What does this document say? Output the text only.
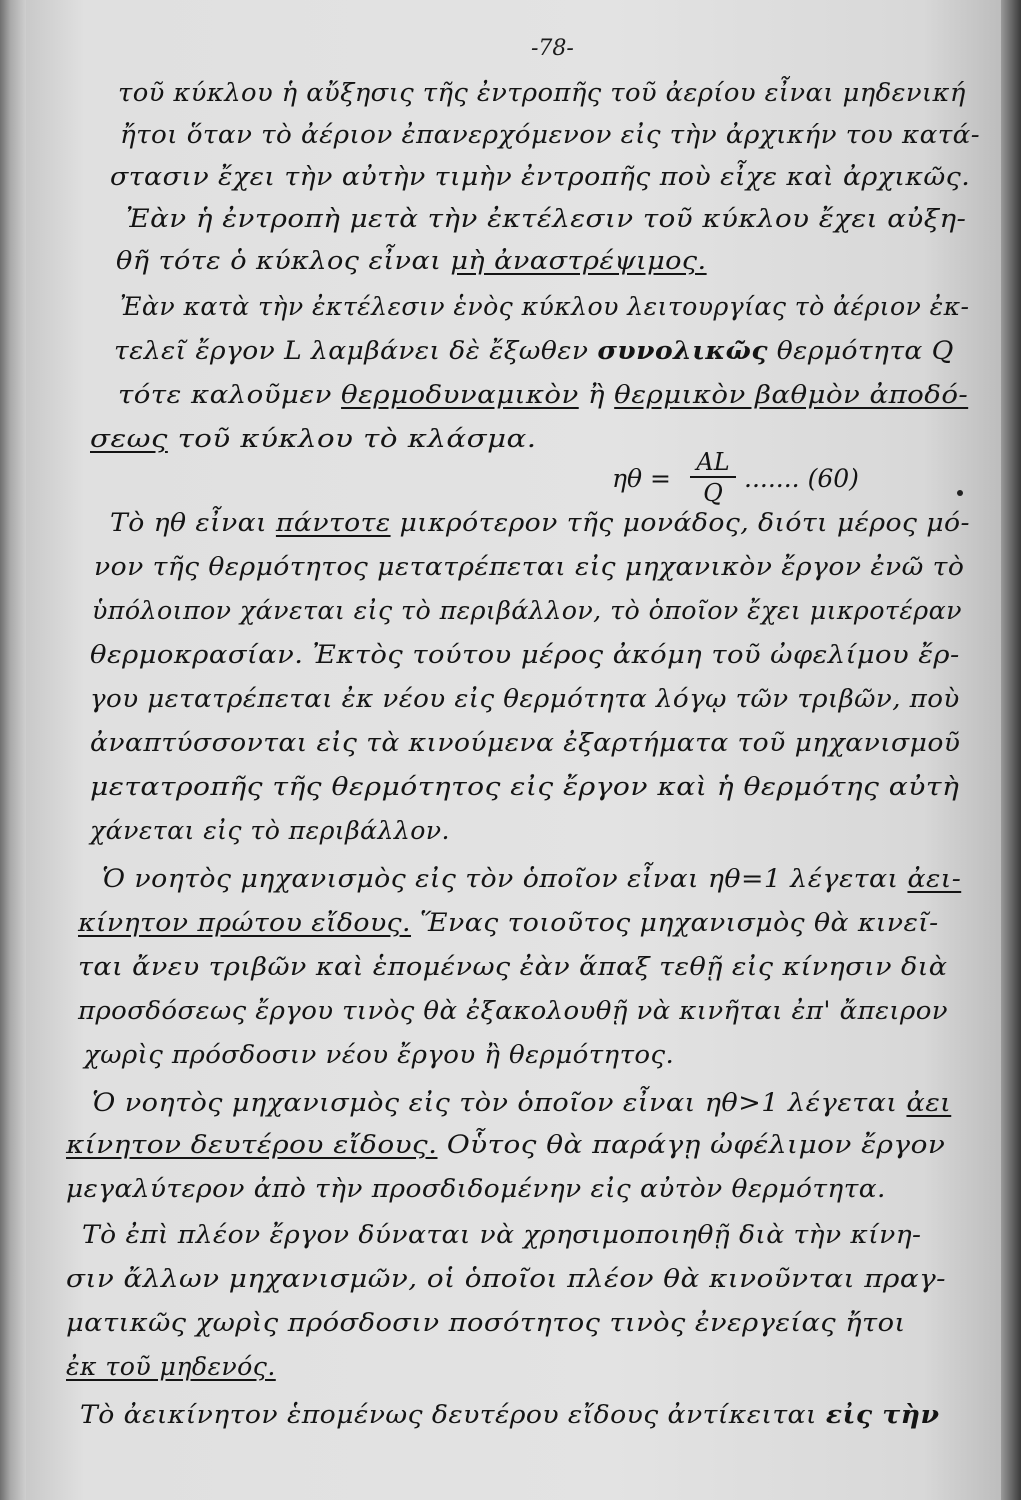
-78-
τοῦ κύκλου ἡ αὔξησις τῆς ἐντροπῆς τοῦ ἀερίου εἶναι μηδενική
ἤτοι ὅταν τὸ ἀέριον ἐπανερχόμενον εἰς τὴν ἀρχικήν του κατά-
στασιν ἔχει τὴν αὐτὴν τιμὴν ἐντροπῆς ποὺ εἶχε καὶ ἀρχικῶς.
Ἐὰν ἡ ἐντροπὴ μετὰ τὴν ἐκτέλεσιν τοῦ κύκλου ἔχει αὐξη-
θῆ τότε ὁ κύκλος εἶναι μὴ ἀναστρέψιμος.
Ἐὰν κατὰ τὴν ἐκτέλεσιν ἑνὸς κύκλου λειτουργίας τὸ ἀέριον ἐκ-
τελεῖ ἔργον L λαμβάνει δὲ ἔξωθεν συνολικῶς θερμότητα Q
τότε καλοῦμεν θερμοδυναμικὸν ἢ θερμικὸν βαθμὸν ἀποδό-
σεως τοῦ κύκλου τὸ κλάσμα.
Τὸ ηθ εἶναι πάντοτε μικρότερον τῆς μονάδος, διότι μέρος μό-
νον τῆς θερμότητος μετατρέπεται εἰς μηχανικὸν ἔργον ἐνῶ τὸ
ὑπόλοιπον χάνεται εἰς τὸ περιβάλλον, τὸ ὁποῖον ἔχει μικροτέραν
θερμοκρασίαν. Ἐκτὸς τούτου μέρος ἀκόμη τοῦ ὠφελίμου ἔρ-
γου μετατρέπεται ἐκ νέου εἰς θερμότητα λόγῳ τῶν τριβῶν, ποὺ
ἀναπτύσσονται εἰς τὰ κινούμενα ἐξαρτήματα τοῦ μηχανισμοῦ
μετατροπῆς τῆς θερμότητος εἰς ἔργον καὶ ἡ θερμότης αὐτὴ
χάνεται εἰς τὸ περιβάλλον.
Ὁ νοητὸς μηχανισμὸς εἰς τὸν ὁποῖον εἶναι ηθ=1 λέγεται ἀει-
κίνητον πρώτου εἴδους. Ἕνας τοιοῦτος μηχανισμὸς θὰ κινεῖ-
ται ἄνευ τριβῶν καὶ ἑπομένως ἐὰν ἅπαξ τεθῇ εἰς κίνησιν διὰ
προσδόσεως ἔργου τινὸς θὰ ἐξακολουθῇ νὰ κινῆται ἐπ' ἄπειρον
χωρὶς πρόσδοσιν νέου ἔργου ἢ θερμότητος.
Ὁ νοητὸς μηχανισμὸς εἰς τὸν ὁποῖον εἶναι ηθ>1 λέγεται ἀει
κίνητον δευτέρου εἴδους. Οὗτος θὰ παράγῃ ὠφέλιμον ἔργον
μεγαλύτερον ἀπὸ τὴν προσδιδομένην εἰς αὐτὸν θερμότητα.
Τὸ ἐπὶ πλέον ἔργον δύναται νὰ χρησιμοποιηθῇ διὰ τὴν κίνη-
σιν ἄλλων μηχανισμῶν, οἱ ὁποῖοι πλέον θὰ κινοῦνται πραγ-
ματικῶς χωρὶς πρόσδοσιν ποσότητος τινὸς ἐνεργείας ἤτοι
ἐκ τοῦ μηδενός.
Τὸ ἀεικίνητον ἑπομένως δευτέρου εἴδους ἀντίκειται εἰς τὴν
$\eta\theta = \frac{AL}{Q}$ ....... (60)
